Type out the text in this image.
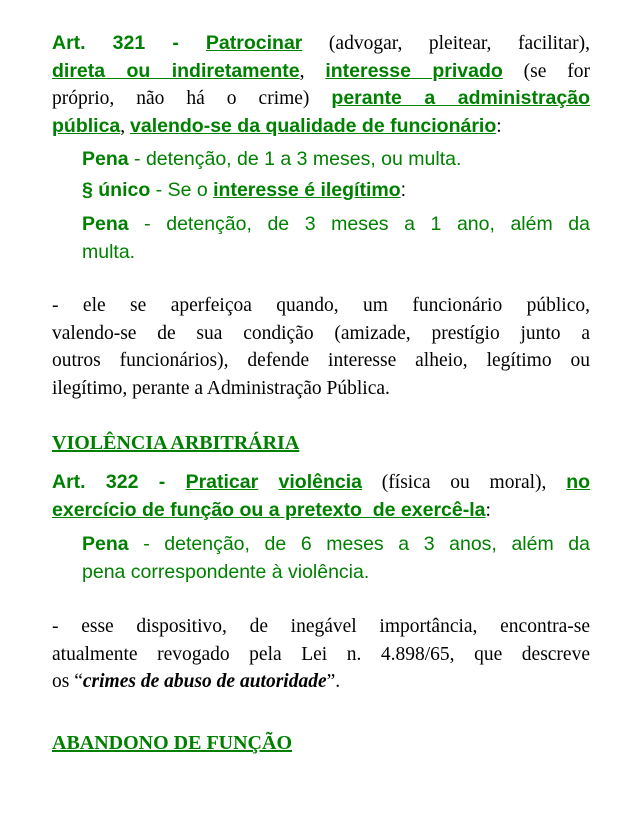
Art. 321 - Patrocinar (advogar, pleitear, facilitar),
direta ou indiretamente, interesse privado (se for
próprio, não há o crime) perante a administração
pública, valendo-se da qualidade de funcionário:
Pena - detenção, de 1 a 3 meses, ou multa.
§ único - Se o interesse é ilegítimo:
Pena - detenção, de 3 meses a 1 ano, além da
multa.
- ele se aperfeiçoa quando, um funcionário público,
valendo-se de sua condição (amizade, prestígio junto a
outros funcionários), defende interesse alheio, legítimo ou
ilegítimo, perante a Administração Pública.
VIOLÊNCIA ARBITRÁRIA
Art. 322 - Praticar violência (física ou moral), no
exercício de função ou a pretexto  de exercê-la:
Pena - detenção, de 6 meses a 3 anos, além da
pena correspondente à violência.
- esse dispositivo, de inegável importância, encontra-se
atualmente revogado pela Lei n. 4.898/65, que descreve
os “crimes de abuso de autoridade”.
ABANDONO DE FUNÇÃO
